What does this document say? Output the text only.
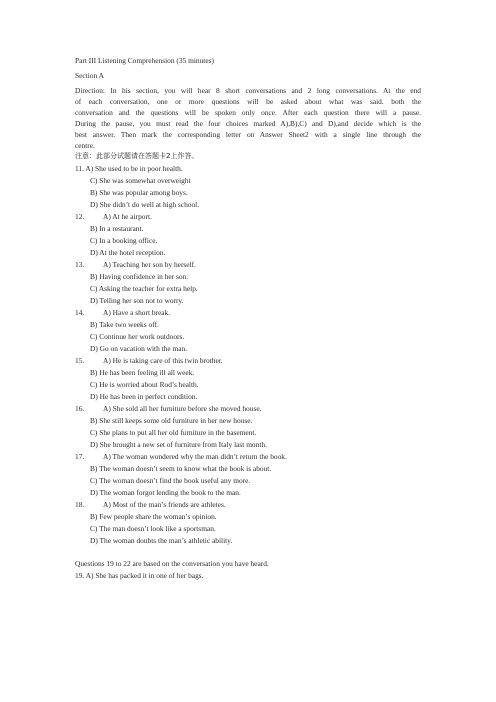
Part III Listening Comprehension (35 minutes)
Section A
Direction: In his section, you will hear 8 short conversations and 2 long conversations. At the end
of each conversation, one or more questions will be asked about what was said. both the
conversation and the questions will be spoken only once. After each question there will a pause.
During the pause, you must read the four choices marked A),B),C) and D),and decide which is the
best answer. Then mark the corresponding letter on Answer Sheet2 with a single line through the
centre.
注意：此部分试题请在答题卡2上作答。
11. A) She used to be in poor health.
C) She was somewhat overweight
B) She was popular among boys.
D) She didn’t do well at high school.
12.	A) At he airport.
B) In a restaurant.
C) In a booking office.
D) At the hotel reception.
13.	A) Teaching her son by herself.
B) Having confidence in her son.
C) Asking the teacher for extra help.
D) Telling her son not to worry.
14.	A) Have a short break.
B) Take two weeks off.
C) Continue her work outdoors.
D) Go on vacation with the man.
15.	A) He is taking care of this twin brother.
B) He has been feeling ill all week.
C) He is worried about Rod’s health.
D) He has been in perfect condition.
16.	A) She sold all her furniture before she moved house.
B) She still keeps some old furniture in her new house.
C) She plans to put all her old furniture in the basement.
D) She brought a new set of furniture from Italy last month.
17.	A) The woman wondered why the man didn’t return the book.
B) The woman doesn’t seem to know what the book is about.
C) The woman doesn’t find the book useful any more.
D) The woman forgot lending the book to the man.
18.	A) Most of the man’s friends are athletes.
B) Few people share the woman’s opinion.
C) The man doesn’t look like a sportsman.
D) The woman doubts the man’s athletic ability.
Questions 19 to 22 are based on the conversation you have heard.
19. A) She has packed it in one of her bags.
